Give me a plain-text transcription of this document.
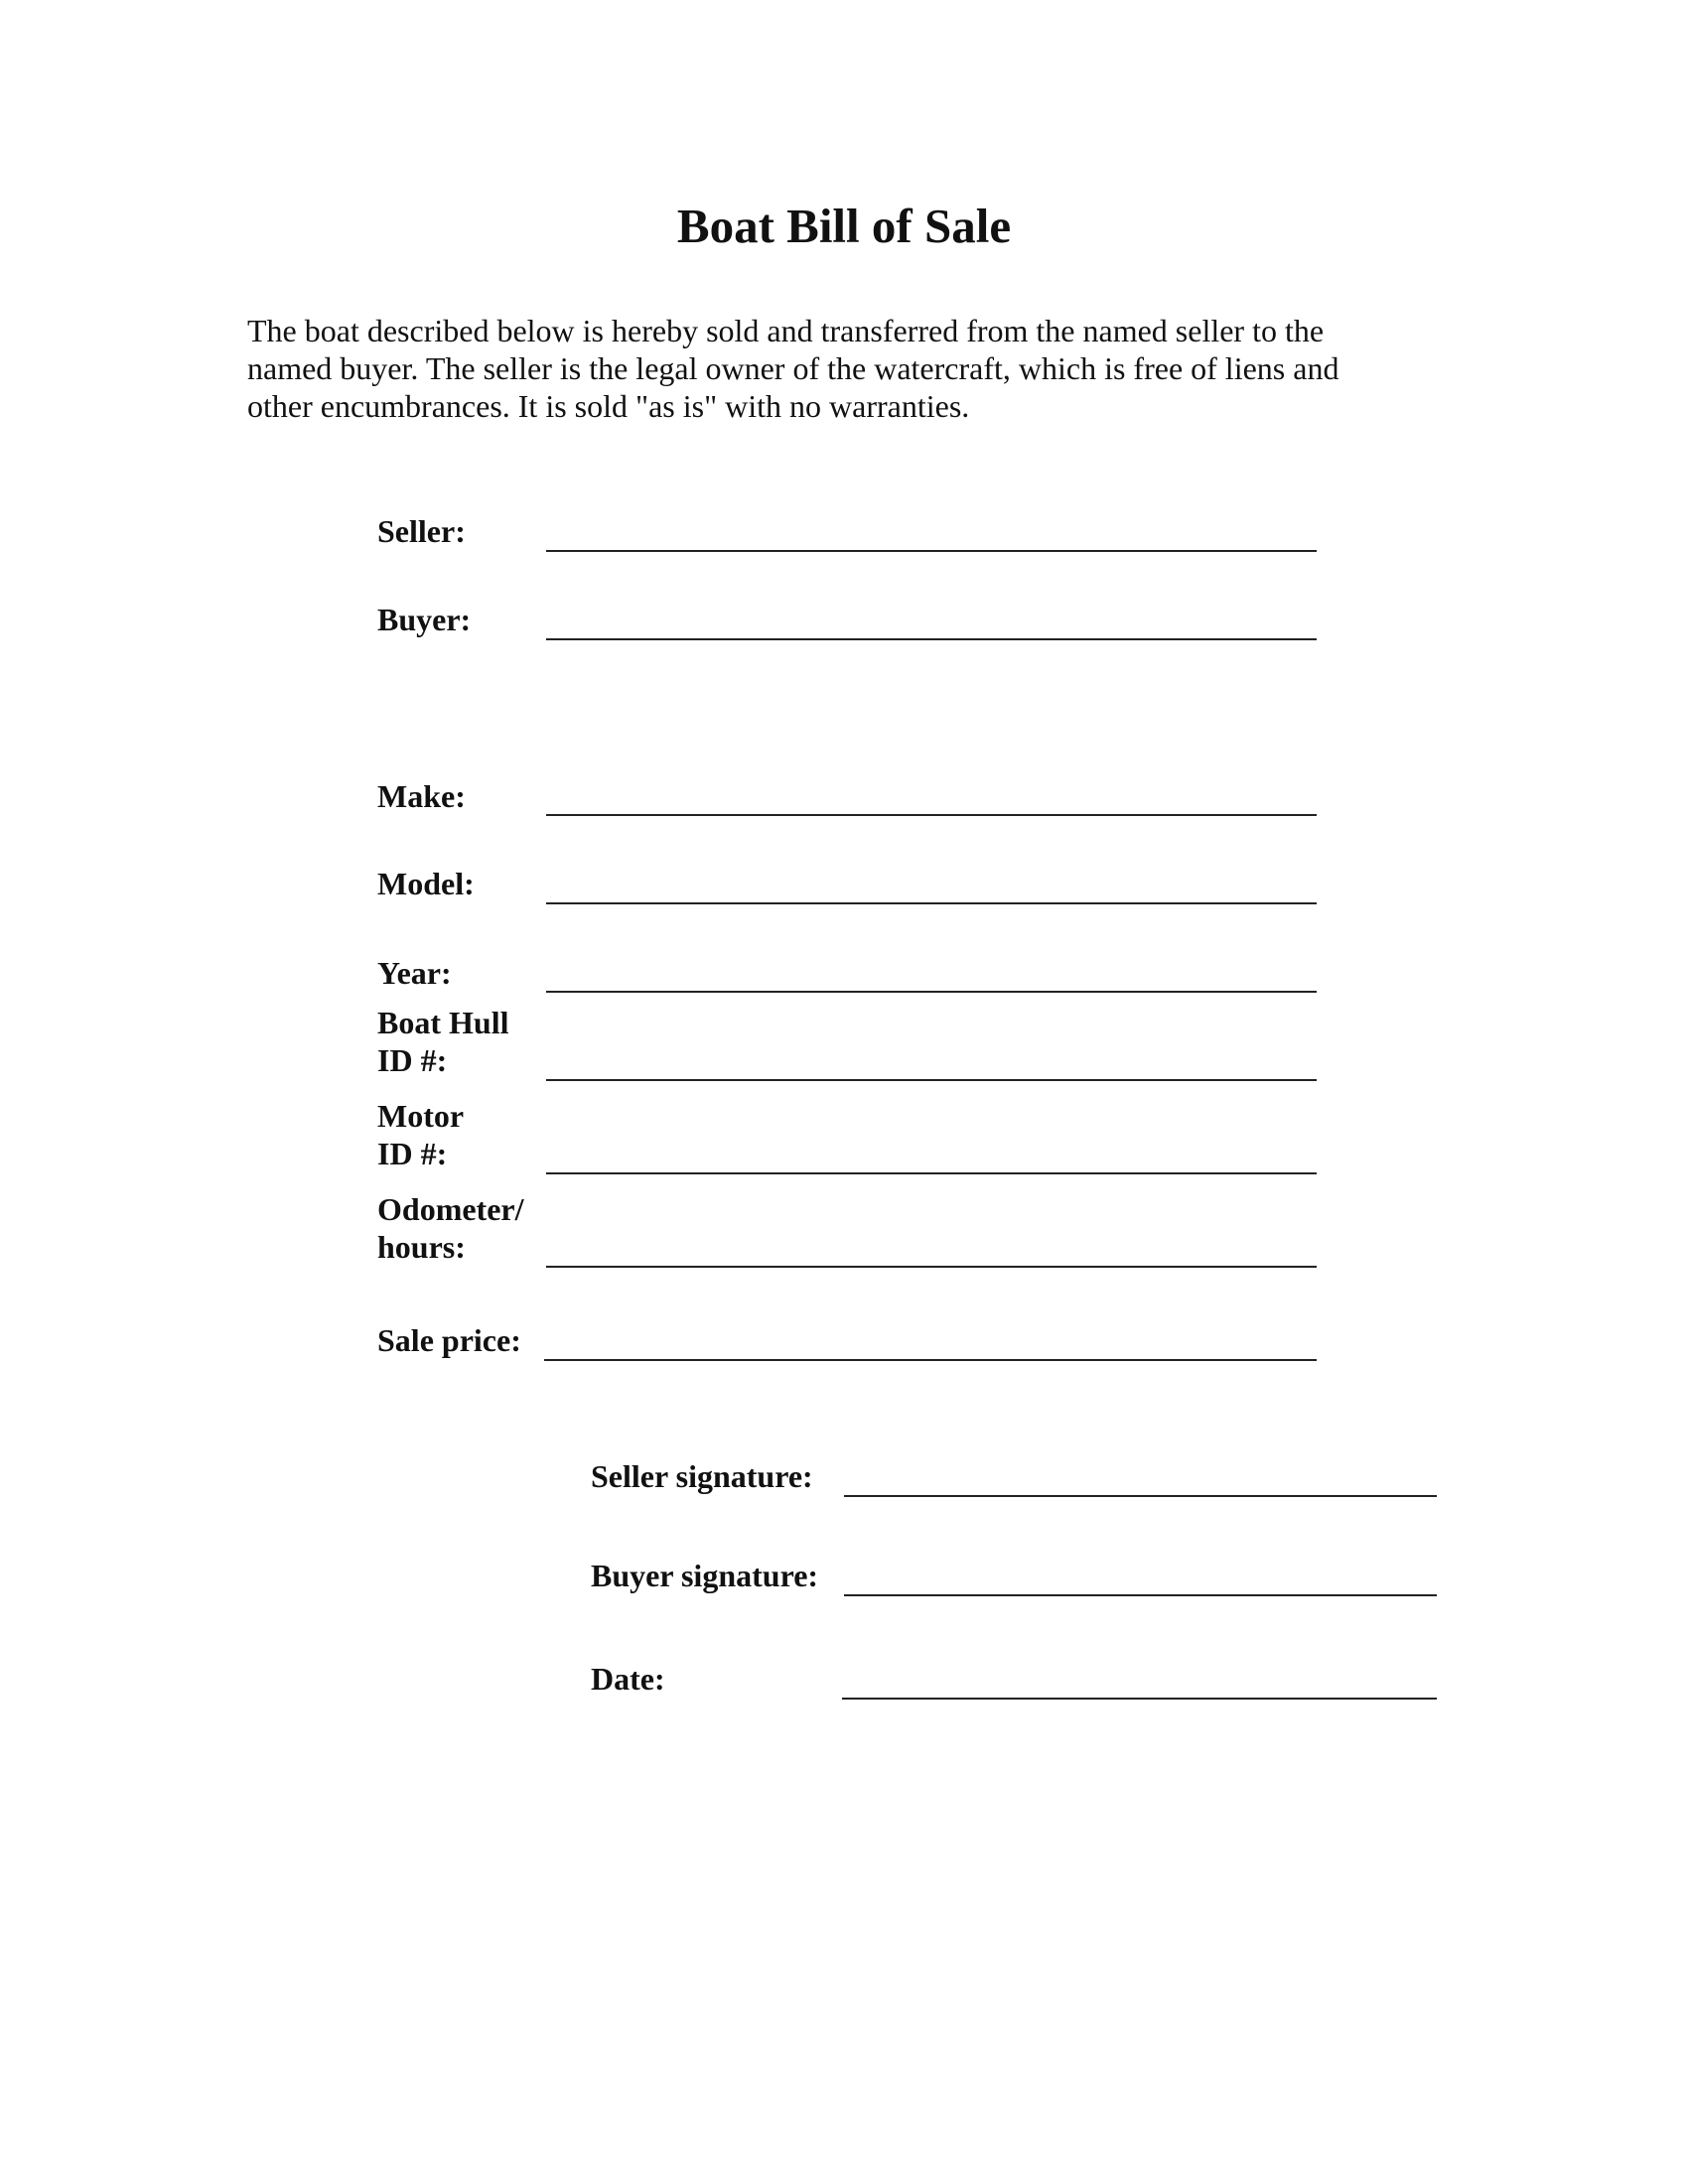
Boat Bill of Sale
The boat described below is hereby sold and transferred from the named seller to the
named buyer. The seller is the legal owner of the watercraft, which is free of liens and
other encumbrances. It is sold "as is" with no warranties.
Seller:
Buyer:
Make:
Model:
Year:
Boat Hull
ID #:
Motor
ID #:
Odometer/
hours:
Sale price:
Seller signature:
Buyer signature:
Date:
